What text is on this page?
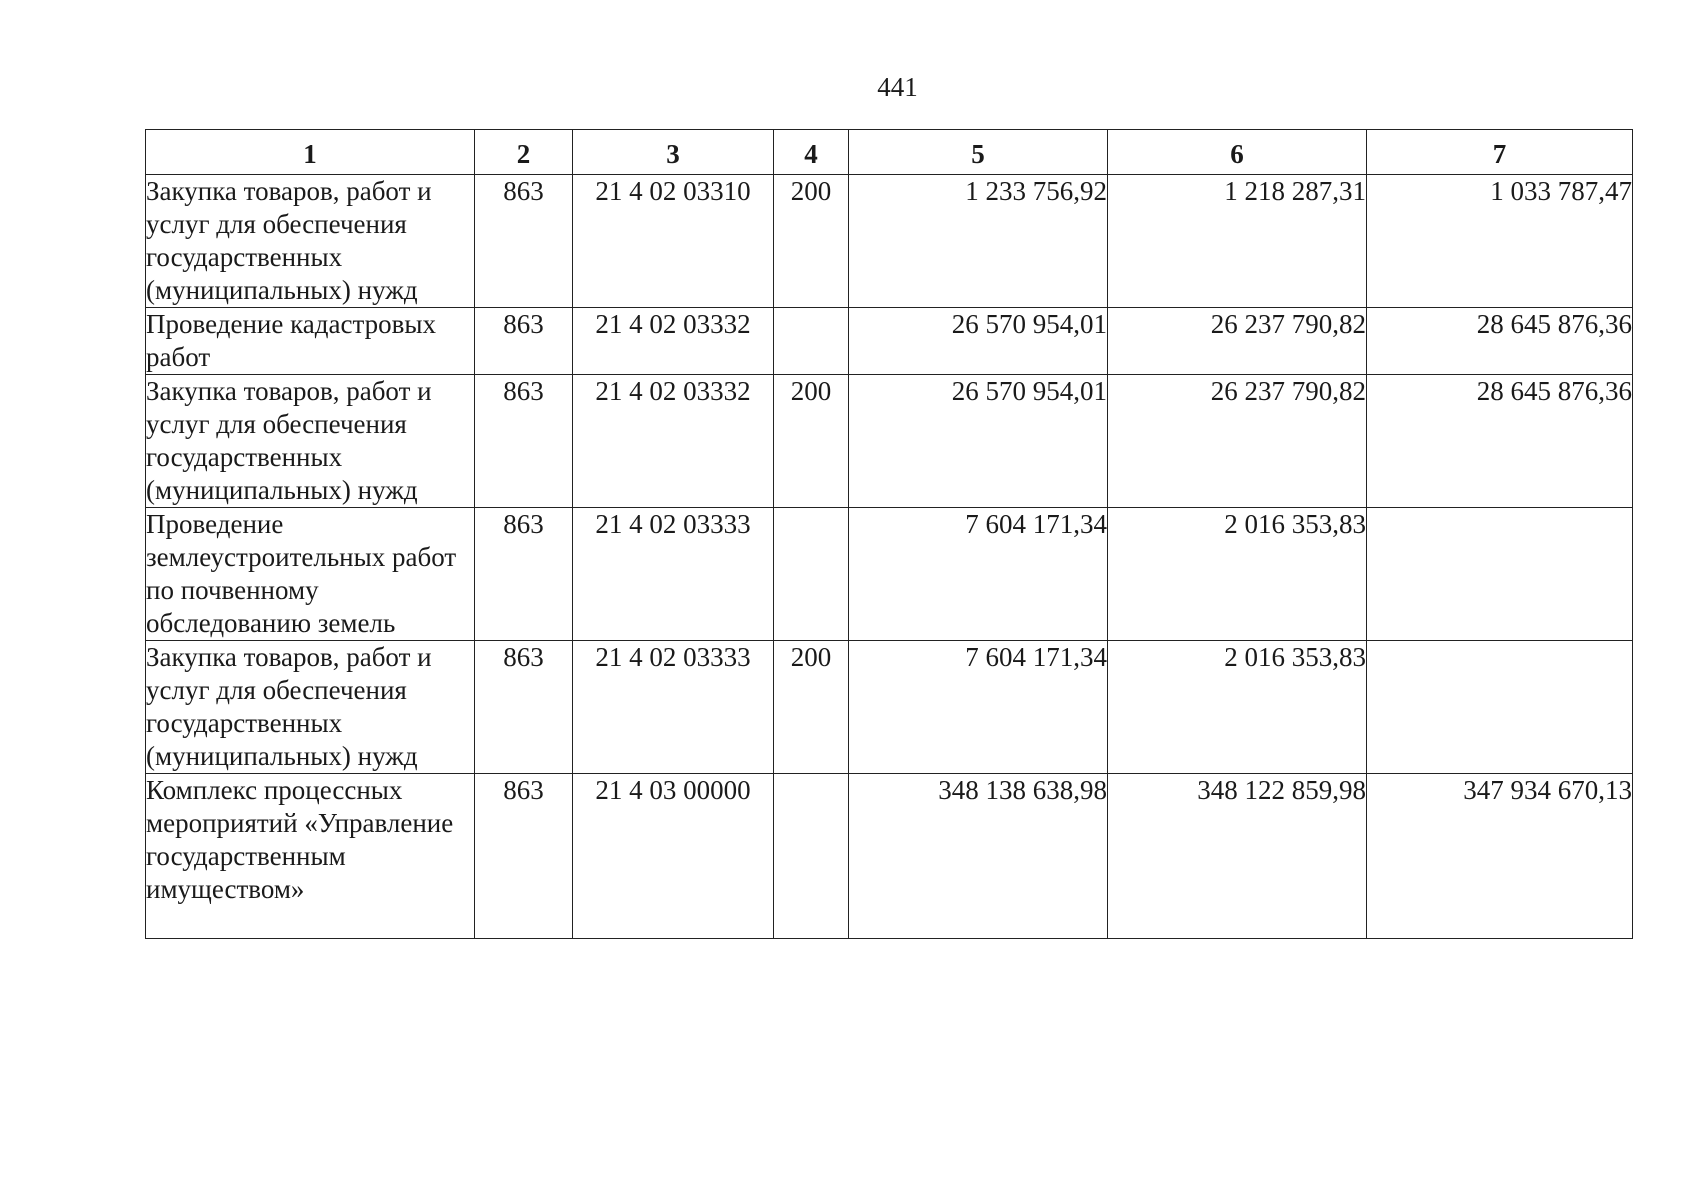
441
1	2	3	4	5	6	7
Закупка товаров, работ и услуг для обеспечения государственных (муниципальных) нужд	863	21 4 02 03310	200	1 233 756,92	1 218 287,31	1 033 787,47
Проведение кадастровых работ	863	21 4 02 03332		26 570 954,01	26 237 790,82	28 645 876,36
Закупка товаров, работ и услуг для обеспечения государственных (муниципальных) нужд	863	21 4 02 03332	200	26 570 954,01	26 237 790,82	28 645 876,36
Проведение землеустроительных работ по почвенному обследованию земель	863	21 4 02 03333		7 604 171,34	2 016 353,83	
Закупка товаров, работ и услуг для обеспечения государственных (муниципальных) нужд	863	21 4 02 03333	200	7 604 171,34	2 016 353,83	
Комплекс процессных мероприятий «Управление государственным имуществом»	863	21 4 03 00000		348 138 638,98	348 122 859,98	347 934 670,13
